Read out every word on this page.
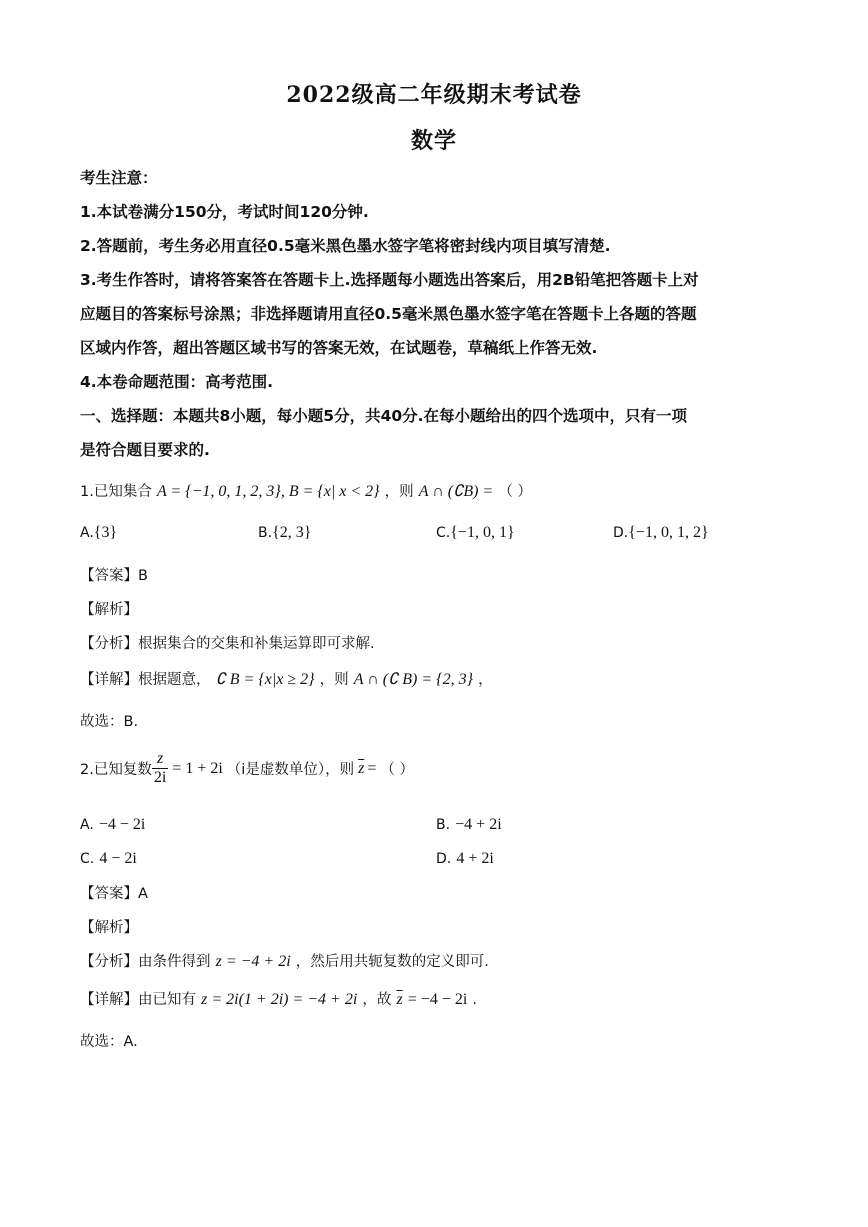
2022级高二年级期末考试卷
数学
考生注意：
1.本试卷满分150分，考试时间120分钟.
2.答题前，考生务必用直径0.5毫米黑色墨水签字笔将密封线内项目填写清楚.
3.考生作答时，请将答案答在答题卡上.选择题每小题选出答案后，用2B铅笔把答题卡上对
应题目的答案标号涂黑；非选择题请用直径0.5毫米黑色墨水签字笔在答题卡上各题的答题
区域内作答，超出答题区域书写的答案无效，在试题卷，草稿纸上作答无效.
4.本卷命题范围：高考范围.
一、选择题：本题共8小题，每小题5分，共40分.在每小题给出的四个选项中，只有一项
是符合题目要求的.
1.已知集合 A = {−1, 0, 1, 2, 3}, B = {x| x < 2} ，则 A ∩ (∁B) = （ ）
A.{3}	B.{2, 3}	C.{−1, 0, 1}	D.{−1, 0, 1, 2}
【答案】B
【解析】
【分析】根据集合的交集和补集运算即可求解.
【详解】根据题意， ∁ B = {x|x ≥ 2} ，则 A ∩ (∁ B) = {2, 3} ，
故选：B.
2.已知复数 $\frac{z}{2i} = 1 + 2i$ （i是虚数单位），则 $\overline{z}$ = （ ）
A. −4 − 2i	B. −4 + 2i
C. 4 − 2i	D. 4 + 2i
【答案】A
【解析】
【分析】由条件得到 z = −4 + 2i ，然后用共轭复数的定义即可.
【详解】由已知有 z = 2i(1 + 2i) = −4 + 2i ，故 $\overline{z} = -4 - 2i$ .
故选：A.
